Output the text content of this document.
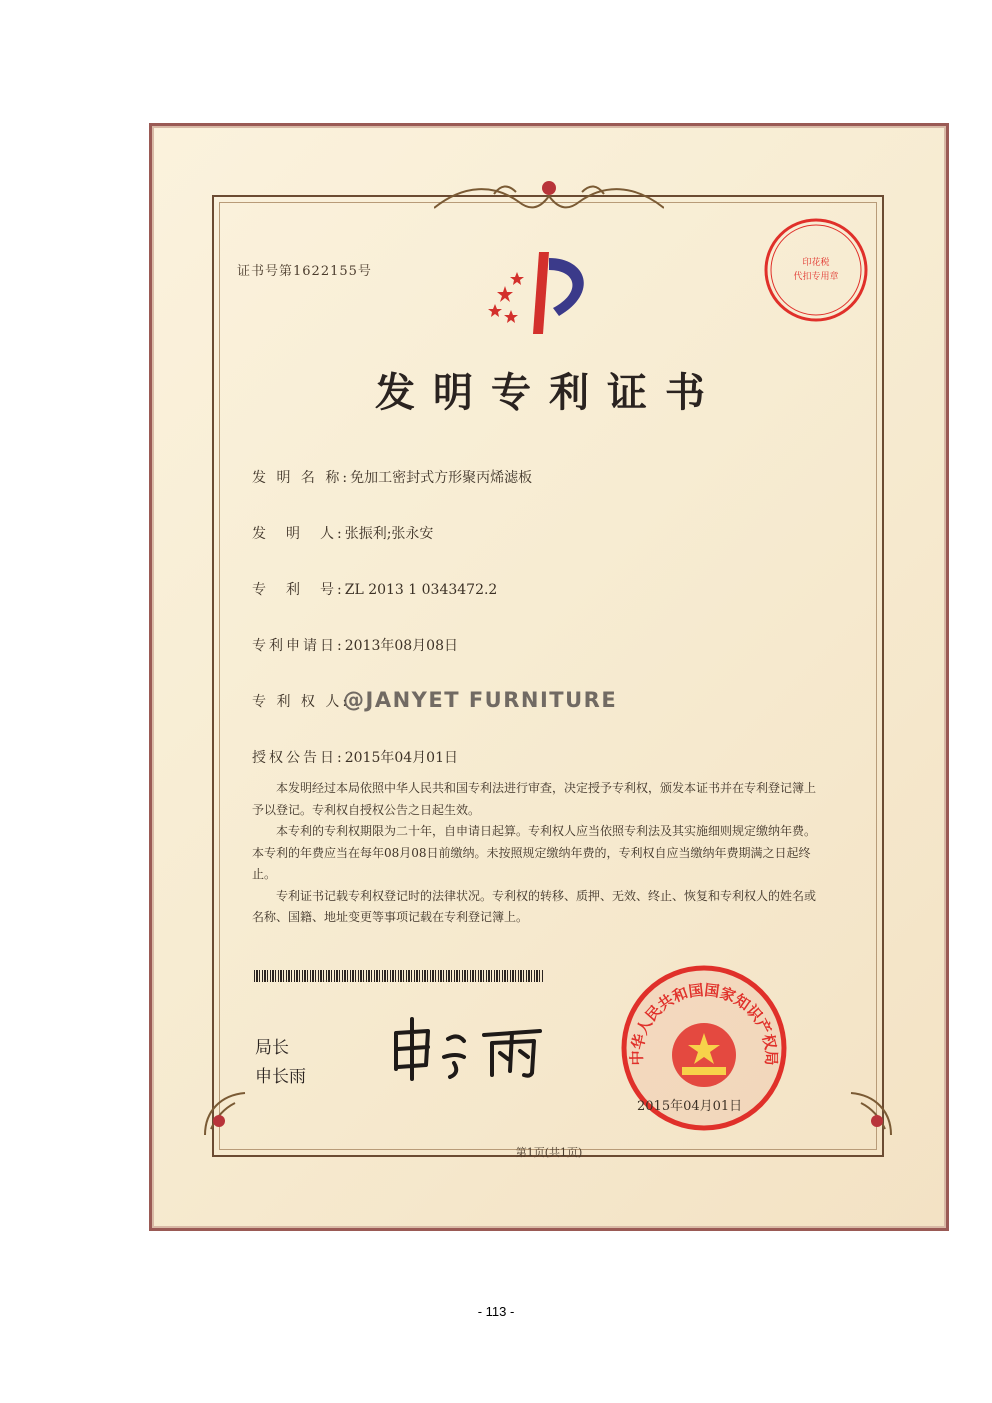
证书号第1622155号
印花税
代扣专用章
发明专利证书
发 明 名 称:免加工密封式方形聚丙烯滤板
发　明　人:张振利;张永安
专　利　号:ZL 2013 1 0343472.2
专利申请日:2013年08月08日
专 利 权 人:
授权公告日:2015年04月01日
@JANYET FURNITURE

本发明经过本局依照中华人民共和国专利法进行审查，决定授予专利权，颁发本证书并在专利登记簿上予以登记。专利权自授权公告之日起生效。

本专利的专利权期限为二十年，自申请日起算。专利权人应当依照专利法及其实施细则规定缴纳年费。本专利的年费应当在每年08月08日前缴纳。未按照规定缴纳年费的，专利权自应当缴纳年费期满之日起终止。

专利证书记载专利权登记时的法律状况。专利权的转移、质押、无效、终止、恢复和专利权人的姓名或名称、国籍、地址变更等事项记载在专利登记簿上。

局长
申长雨
中华人民共和国国家知识产权局
2015年04月01日
第1页(共1页)
- 113 -
